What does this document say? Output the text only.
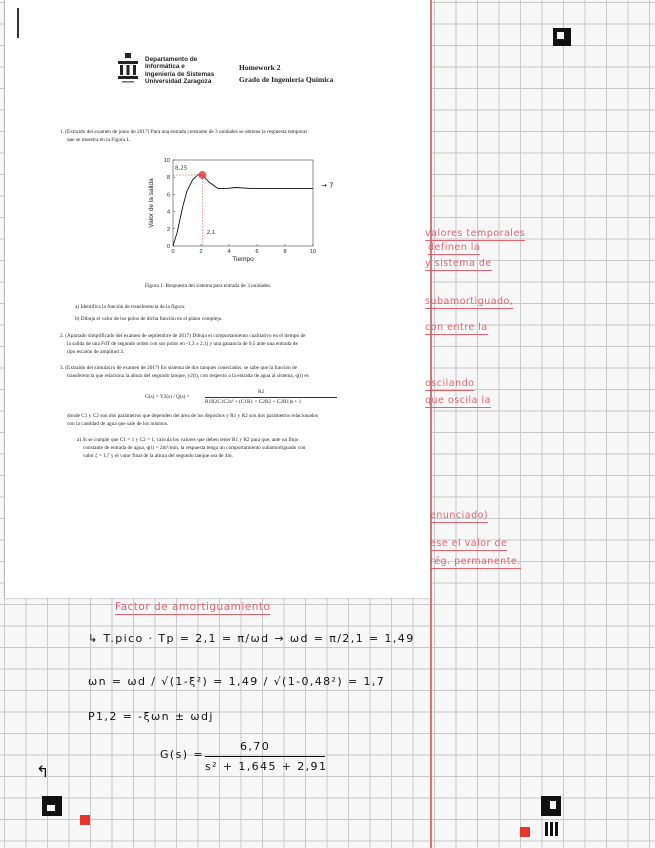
Departamento de
Informática e
Ingeniería de Sistemas
Universidad Zaragoza
Homework 2
Grado de Ingeniería Química
1. (Extraído del examen de junio de 2017) Para una entrada constante de 3 unidades se obtiene la respuesta temporal
que se muestra en la Figura 1.
0	2	4	6	8	10
0
2
4
6
8
10
Tiempo
Valor de la salida
8,25
→ 7
2,1
Figura 1: Respuesta del sistema para entrada de 3 unidades.
a) Identifica la función de transferencia de la figura.
b) Dibuja el valor de los polos de dicha función en el plano complejo.
2. (Apartado simplificado del examen de septiembre de 2017) Dibuja el comportamiento cualitativo en el tiempo de
la salida de una FdT de segundo orden con sus polos en -1,3 ± 2,1j y una ganancia de 0,5 ante una entrada de
tipo escalón de amplitud 3.
3. (Extraído del simulacro de examen de 2017) En sistema de dos tanques conectados, se sabe que la función de
transferencia que relaciona la altura del segundo tanque, y2(t), con respecto a la entrada de agua al sistema, q(t) es
G(s) = Y2(s) / Q(s) =
R2
R1R2C1C2s² + (C1R1 + C2R2 + C2R1)s + 1
donde C1 y C2 son dos parámetros que dependen del área de los depósitos y R1 y R2 son dos parámetros relacionados
con la cantidad de agua que sale de los mismos.
a) Si se cumple que C1 = 1 y C2 = 1, calcula los valores que deben tener R1 y R2 para que, ante un flujo
constante de entrada de agua, q(t) = 2m³/min, la respuesta tenga un comportamiento subamortiguado con
valor ζ = 1,7 y el valor final de la altura del segundo tanque sea de 4m.
valores temporales
definen la
y sistema de
subamortiguado,
con entre la
oscilando
que oscila la
enunciado)
ese el valor de
rég. permanente.
Factor de amortiguamiento
↳ T.pico · Tp = 2,1 = π/ωd → ωd = π/2,1 = 1,49
ωn = ωd / √(1-ξ²) = 1,49 / √(1-0,48²) = 1,7
P1,2 = -ξωn ± ωdj
G(s) =
6,70
s² + 1,645 + 2,91
↰
